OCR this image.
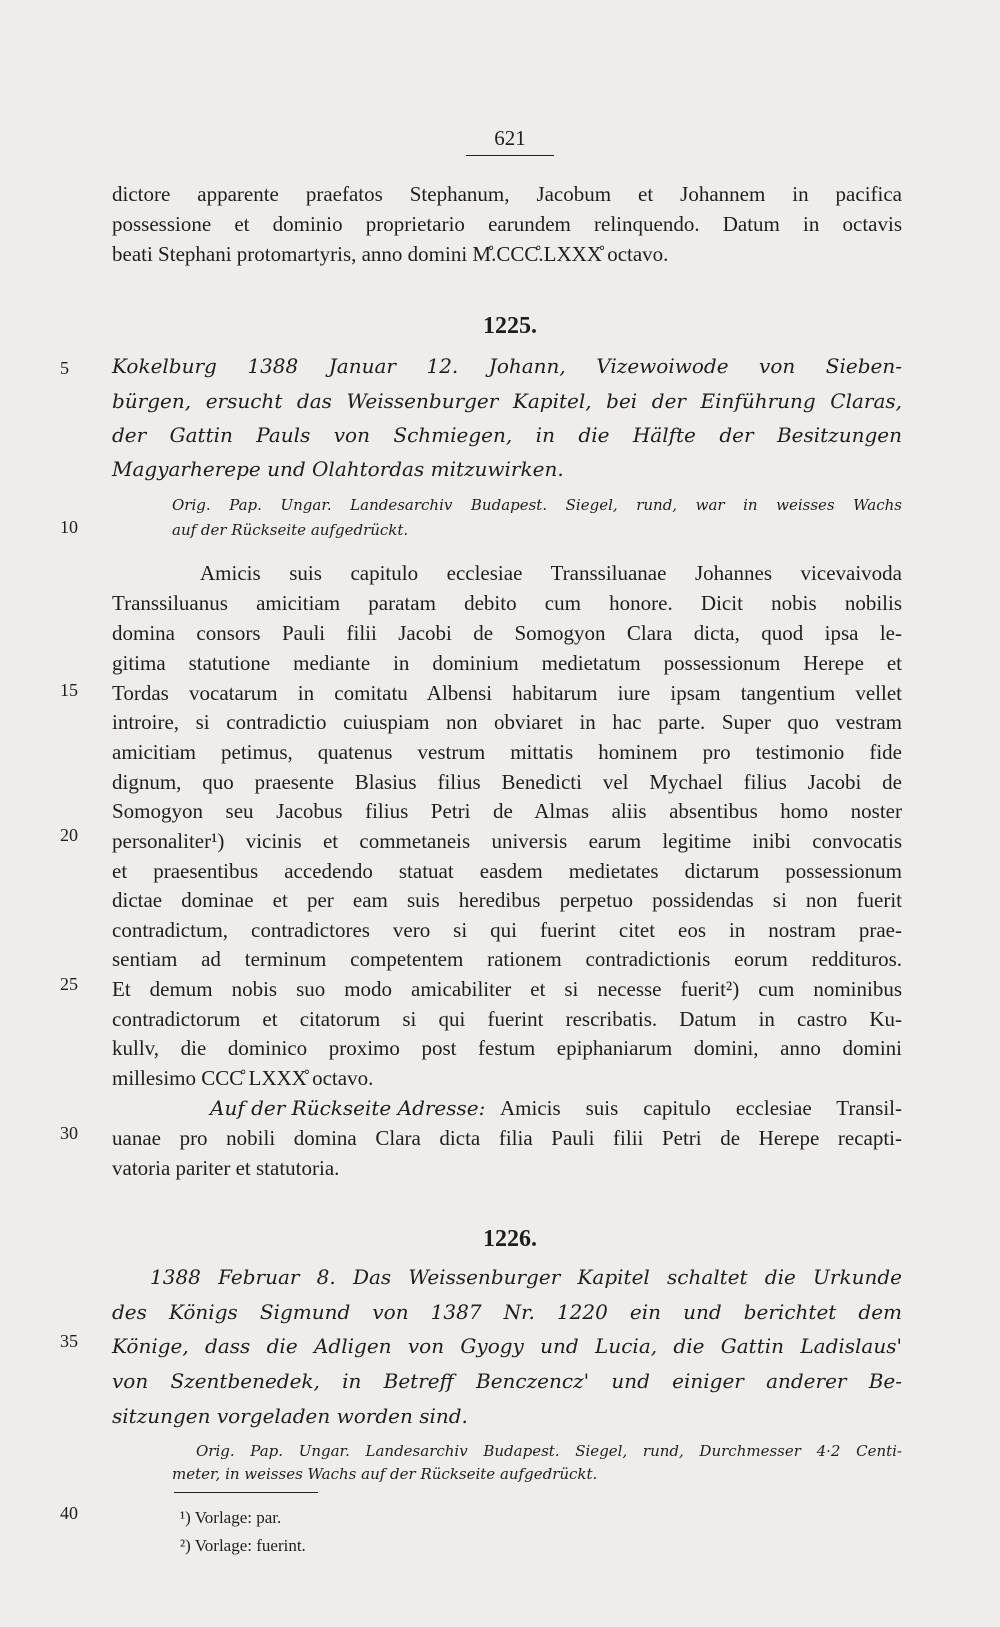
621
5
10
15
20
25
30
35
40
dictore apparente praefatos Stephanum, Jacobum et Johannem in pacifica
possessione et dominio proprietario earundem relinquendo. Datum in octavis
beati Stephani protomartyris, anno domini M̊.CCC̊.LXXX̊ octavo.
1225.
Kokelburg 1388 Januar 12. Johann, Vizewoiwode von Sieben-
bürgen, ersucht das Weissenburger Kapitel, bei der Einführung Claras,
der Gattin Pauls von Schmiegen, in die Hälfte der Besitzungen
Magyarherepe und Olahtordas mitzuwirken.
Orig. Pap. Ungar. Landesarchiv Budapest. Siegel, rund, war in weisses Wachs
auf der Rückseite aufgedrückt.
Amicis suis capitulo ecclesiae Transsiluanae Johannes vicevaivoda
Transsiluanus amicitiam paratam debito cum honore. Dicit nobis nobilis
domina consors Pauli filii Jacobi de Somogyon Clara dicta, quod ipsa le-
gitima statutione mediante in dominium medietatum possessionum Herepe et
Tordas vocatarum in comitatu Albensi habitarum iure ipsam tangentium vellet
introire, si contradictio cuiuspiam non obviaret in hac parte. Super quo vestram
amicitiam petimus, quatenus vestrum mittatis hominem pro testimonio fide
dignum, quo praesente Blasius filius Benedicti vel Mychael filius Jacobi de
Somogyon seu Jacobus filius Petri de Almas aliis absentibus homo noster
personaliter¹) vicinis et commetaneis universis earum legitime inibi convocatis
et praesentibus accedendo statuat easdem medietates dictarum possessionum
dictae dominae et per eam suis heredibus perpetuo possidendas si non fuerit
contradictum, contradictores vero si qui fuerint citet eos in nostram prae-
sentiam ad terminum competentem rationem contradictionis eorum reddituros.
Et demum nobis suo modo amicabiliter et si necesse fuerit²) cum nominibus
contradictorum et citatorum si qui fuerint rescribatis. Datum in castro Ku-
kullv, die dominico proximo post festum epiphaniarum domini, anno domini
millesimo CCC̊ LXXX̊ octavo.
Auf der Rückseite Adresse: Amicis suis capitulo ecclesiae Transil-
uanae pro nobili domina Clara dicta filia Pauli filii Petri de Herepe recapti-
vatoria pariter et statutoria.
1226.
1388 Februar 8. Das Weissenburger Kapitel schaltet die Urkunde
des Königs Sigmund von 1387 Nr. 1220 ein und berichtet dem
Könige, dass die Adligen von Gyogy und Lucia, die Gattin Ladislaus'
von Szentbenedek, in Betreff Benczencz' und einiger anderer Be-
sitzungen vorgeladen worden sind.
Orig. Pap. Ungar. Landesarchiv Budapest. Siegel, rund, Durchmesser 4·2 Centi-
meter, in weisses Wachs auf der Rückseite aufgedrückt.
¹) Vorlage: par.
²) Vorlage: fuerint.
